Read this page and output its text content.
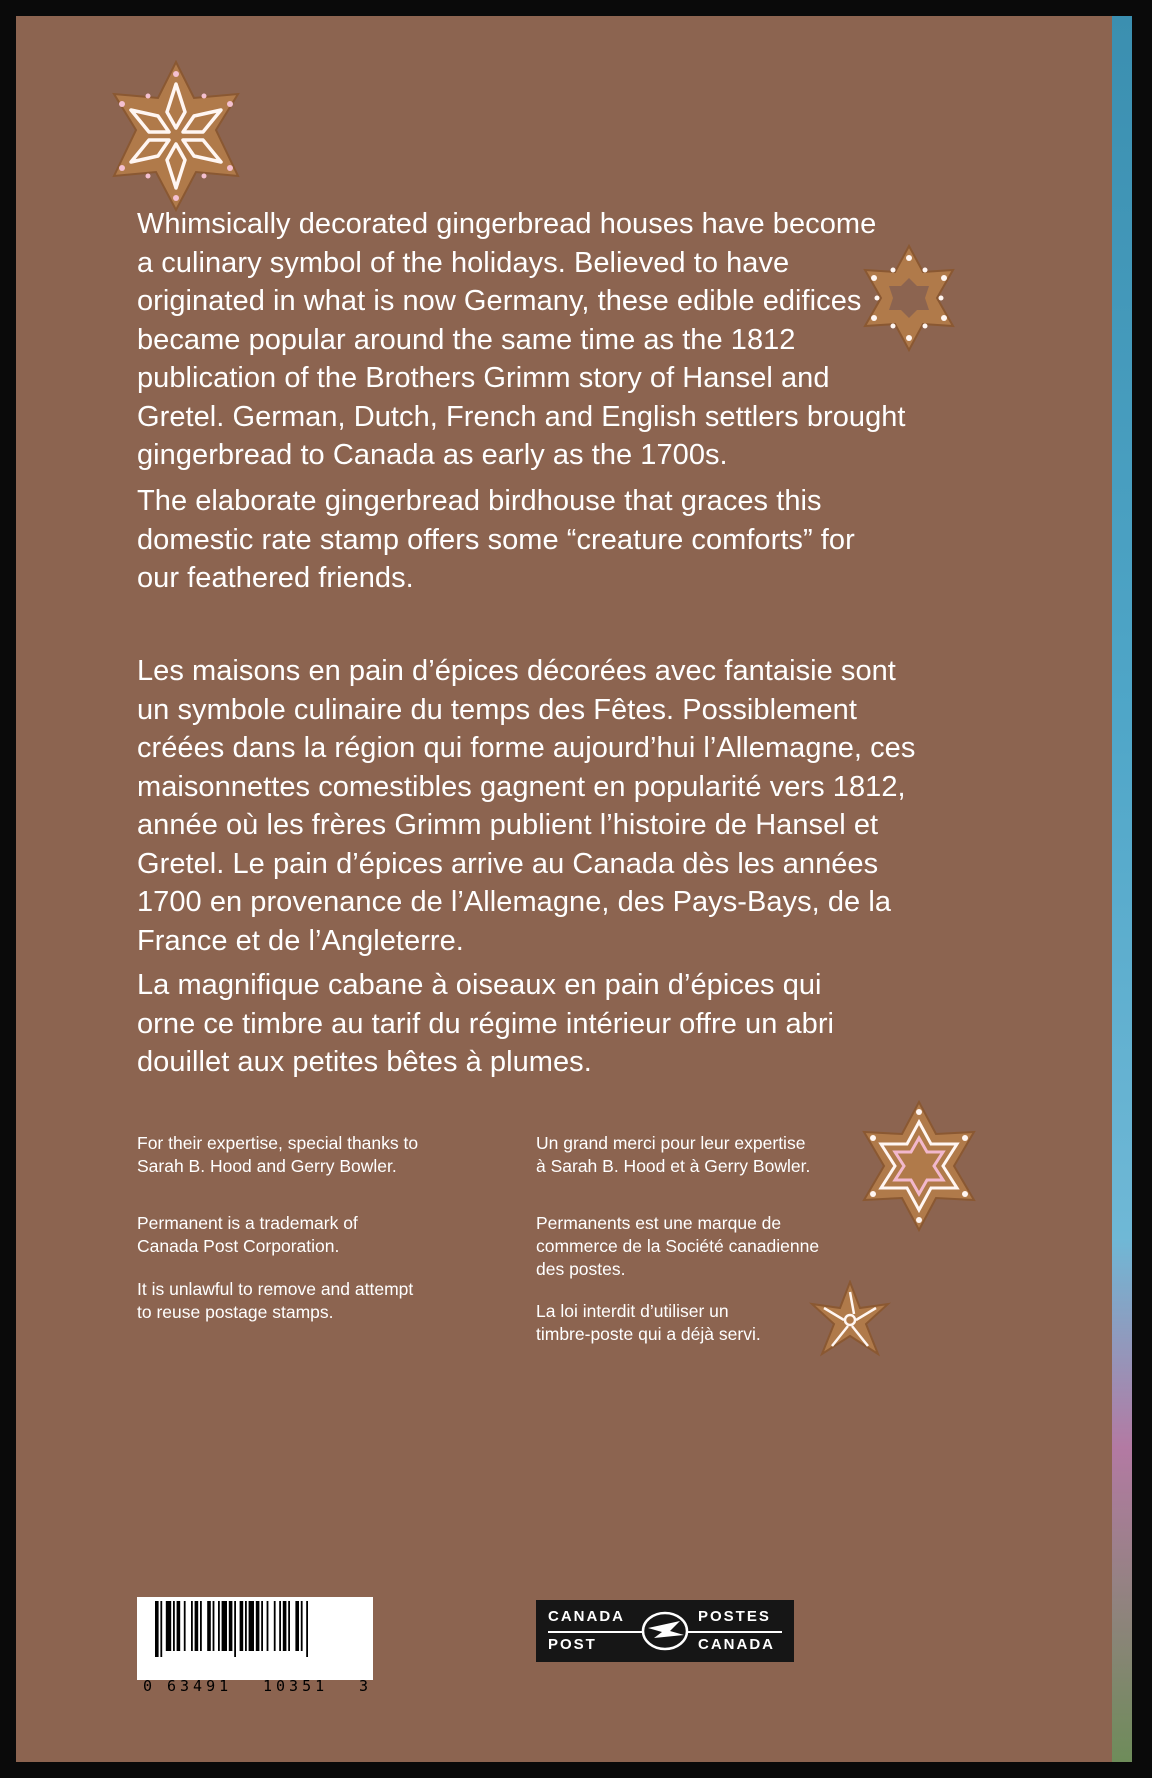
Whimsically decorated gingerbread houses have become
a culinary symbol of the holidays. Believed to have
originated in what is now Germany, these edible edifices
became popular around the same time as the 1812
publication of the Brothers Grimm story of Hansel and
Gretel. German, Dutch, French and English settlers brought
gingerbread to Canada as early as the 1700s.

The elaborate gingerbread birdhouse that graces this
domestic rate stamp offers some “creature comforts” for
our feathered friends.

Les maisons en pain d’épices décorées avec fantaisie sont
un symbole culinaire du temps des Fêtes. Possiblement
créées dans la région qui forme aujourd’hui l’Allemagne, ces
maisonnettes comestibles gagnent en popularité vers 1812,
année où les frères Grimm publient l’histoire de Hansel et
Gretel. Le pain d’épices arrive au Canada dès les années
1700 en provenance de l’Allemagne, des Pays-Bays, de la
France et de l’Angleterre.

La magnifique cabane à oiseaux en pain d’épices qui
orne ce timbre au tarif du régime intérieur offre un abri
douillet aux petites bêtes à plumes.

For their expertise, special thanks to
Sarah B. Hood and Gerry Bowler.

Permanent is a trademark of
Canada Post Corporation.

It is unlawful to remove and attempt
to reuse postage stamps.

Un grand merci pour leur expertise
à Sarah B. Hood et à Gerry Bowler.

Permanents est une marque de
commerce de la Société canadienne
des postes.

La loi interdit d’utiliser un
timbre-poste qui a déjà servi.

0 63491 10351 3
CANADA
POST
POSTES
CANADA
